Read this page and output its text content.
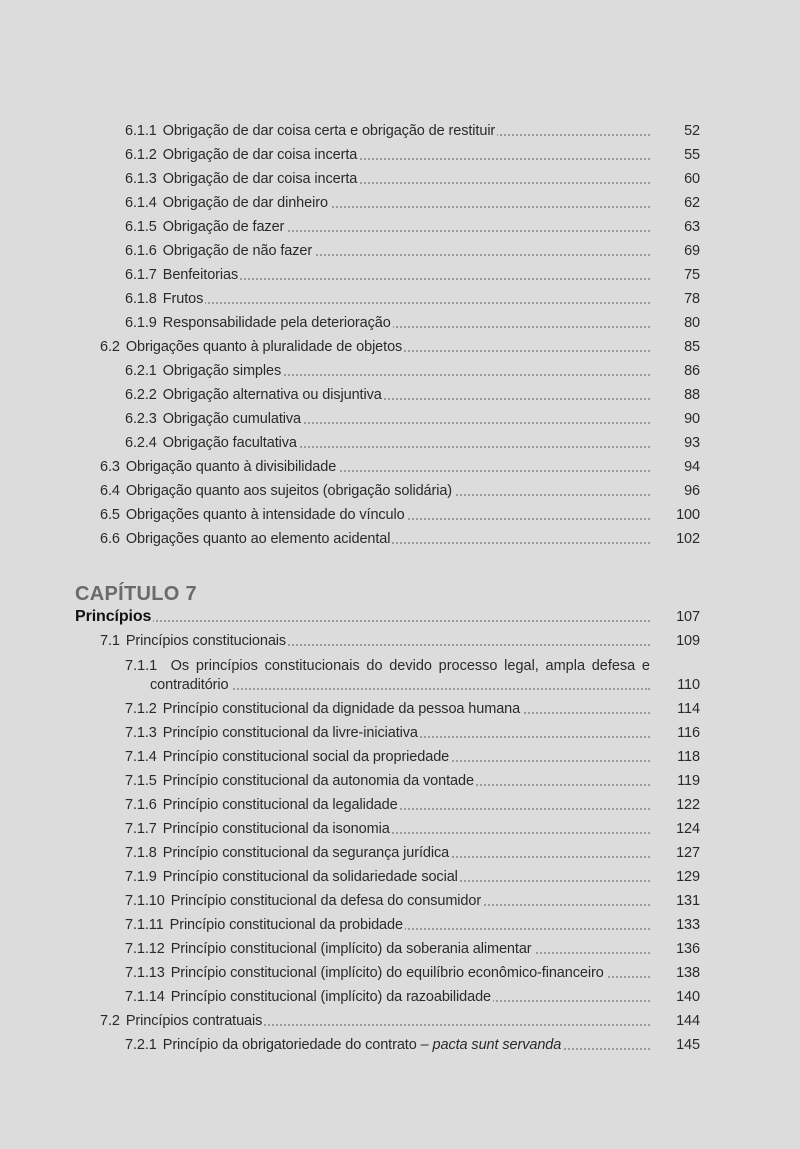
6.1.1 Obrigação de dar coisa certa e obrigação de restituir	52
6.1.2 Obrigação de dar coisa incerta	55
6.1.3 Obrigação de dar coisa incerta	60
6.1.4 Obrigação de dar dinheiro	62
6.1.5 Obrigação de fazer	63
6.1.6 Obrigação de não fazer	69
6.1.7 Benfeitorias	75
6.1.8 Frutos	78
6.1.9 Responsabilidade pela deterioração	80
6.2 Obrigações quanto à pluralidade de objetos	85
6.2.1 Obrigação simples	86
6.2.2 Obrigação alternativa ou disjuntiva	88
6.2.3 Obrigação cumulativa	90
6.2.4 Obrigação facultativa	93
6.3 Obrigação quanto à divisibilidade	94
6.4 Obrigação quanto aos sujeitos (obrigação solidária)	96
6.5 Obrigações quanto à intensidade do vínculo	100
6.6 Obrigações quanto ao elemento acidental	102
CAPÍTULO 7
Princípios	107
7.1 Princípios constitucionais	109
7.1.1 Os princípios constitucionais do devido processo legal, ampla defesa e
contraditório	110
7.1.2 Princípio constitucional da dignidade da pessoa humana	114
7.1.3 Princípio constitucional da livre-iniciativa	116
7.1.4 Princípio constitucional social da propriedade	118
7.1.5 Princípio constitucional da autonomia da vontade	119
7.1.6 Princípio constitucional da legalidade	122
7.1.7 Princípio constitucional da isonomia	124
7.1.8 Princípio constitucional da segurança jurídica	127
7.1.9 Princípio constitucional da solidariedade social	129
7.1.10 Princípio constitucional da defesa do consumidor	131
7.1.11 Princípio constitucional da probidade	133
7.1.12 Princípio constitucional (implícito) da soberania alimentar	136
7.1.13 Princípio constitucional (implícito) do equilíbrio econômico-financeiro	138
7.1.14 Princípio constitucional (implícito) da razoabilidade	140
7.2 Princípios contratuais	144
7.2.1 Princípio da obrigatoriedade do contrato – pacta sunt servanda	145
